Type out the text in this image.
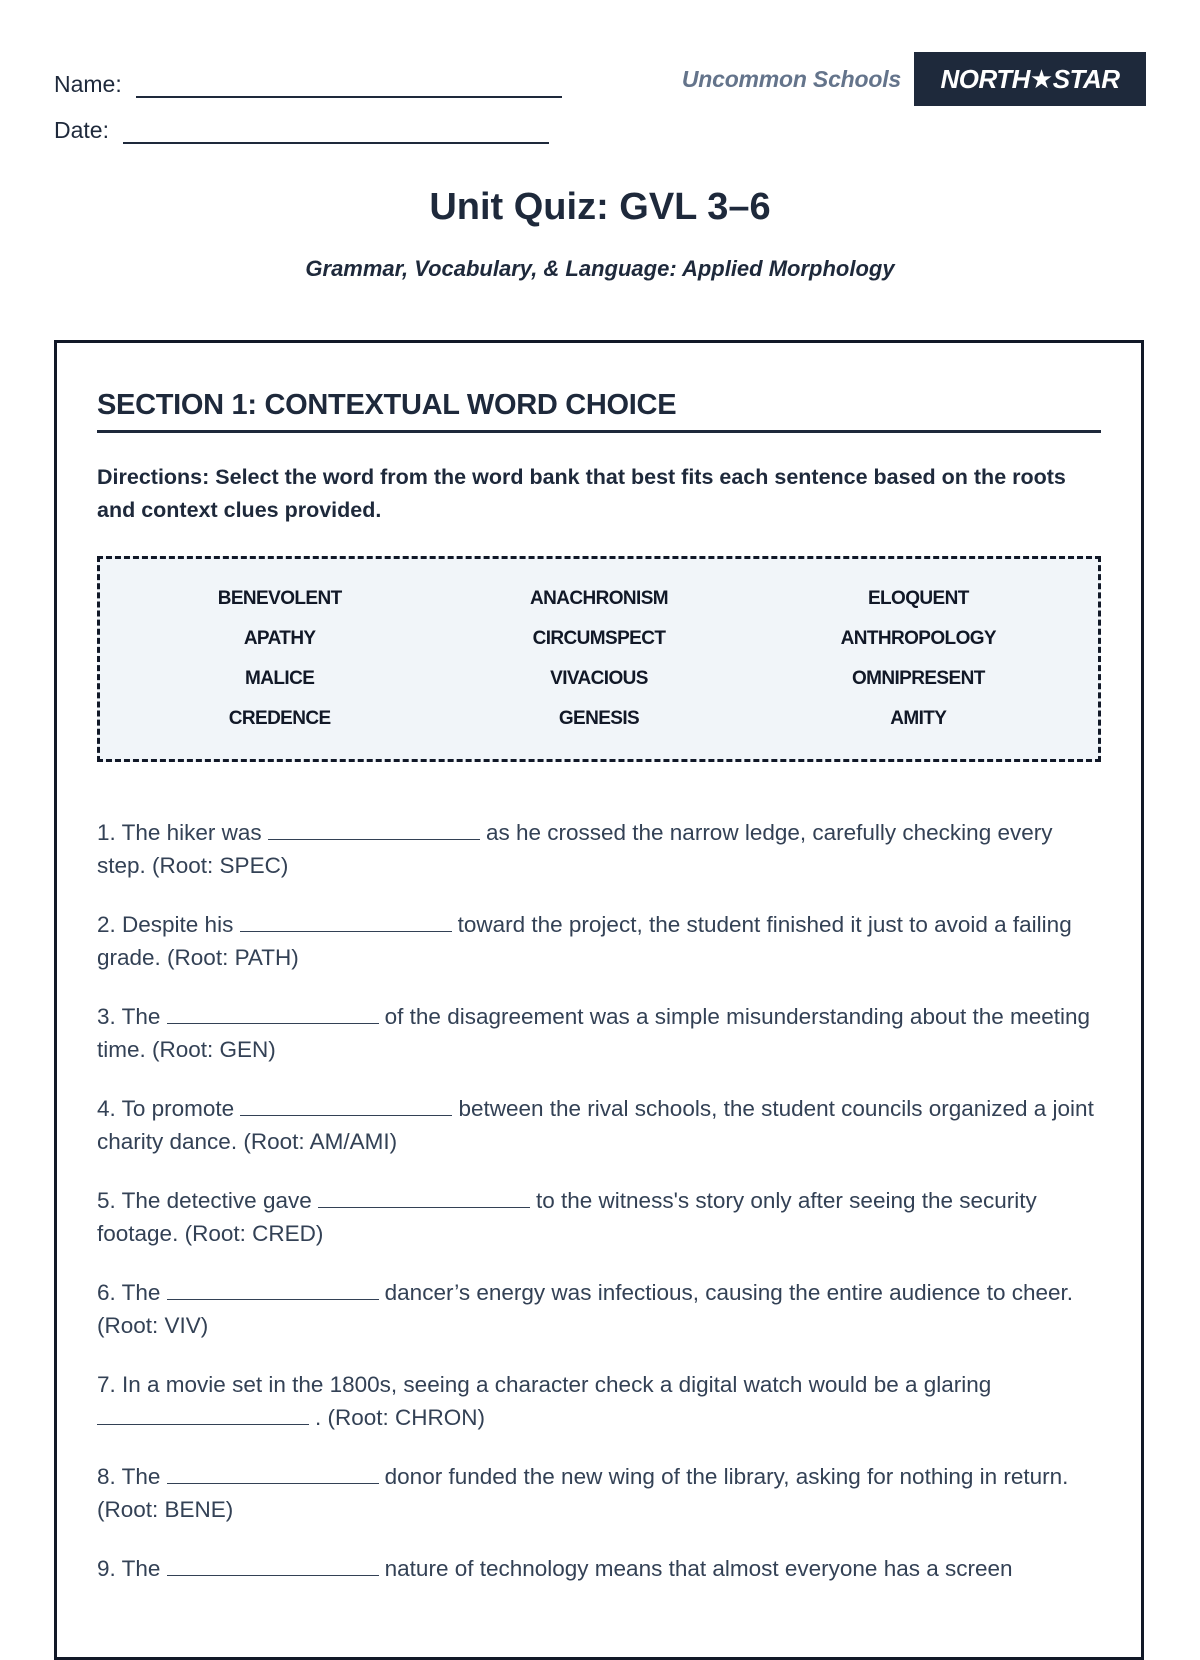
Name:
Date:
Uncommon Schools	NORTH★STAR
Unit Quiz: GVL 3–6
Grammar, Vocabulary, & Language: Applied Morphology
SECTION 1: CONTEXTUAL WORD CHOICE
Directions: Select the word from the word bank that best fits each sentence based on the roots and context clues provided.
BENEVOLENT	ANACHRONISM	ELOQUENT
APATHY	CIRCUMSPECT	ANTHROPOLOGY
MALICE	VIVACIOUS	OMNIPRESENT
CREDENCE	GENESIS	AMITY
1. The hiker was	as he crossed the narrow ledge, carefully checking every step. (Root: SPEC)
2. Despite his	toward the project, the student finished it just to avoid a failing grade. (Root: PATH)
3. The	of the disagreement was a simple misunderstanding about the meeting time. (Root: GEN)
4. To promote	between the rival schools, the student councils organized a joint charity dance. (Root: AM/AMI)
5. The detective gave	to the witness's story only after seeing the security footage. (Root: CRED)
6. The	dancer’s energy was infectious, causing the entire audience to cheer. (Root: VIV)
7. In a movie set in the 1800s, seeing a character check a digital watch would be a glaring . (Root: CHRON)
8. The	donor funded the new wing of the library, asking for nothing in return. (Root: BENE)
9. The	nature of technology means that almost everyone has a screen
